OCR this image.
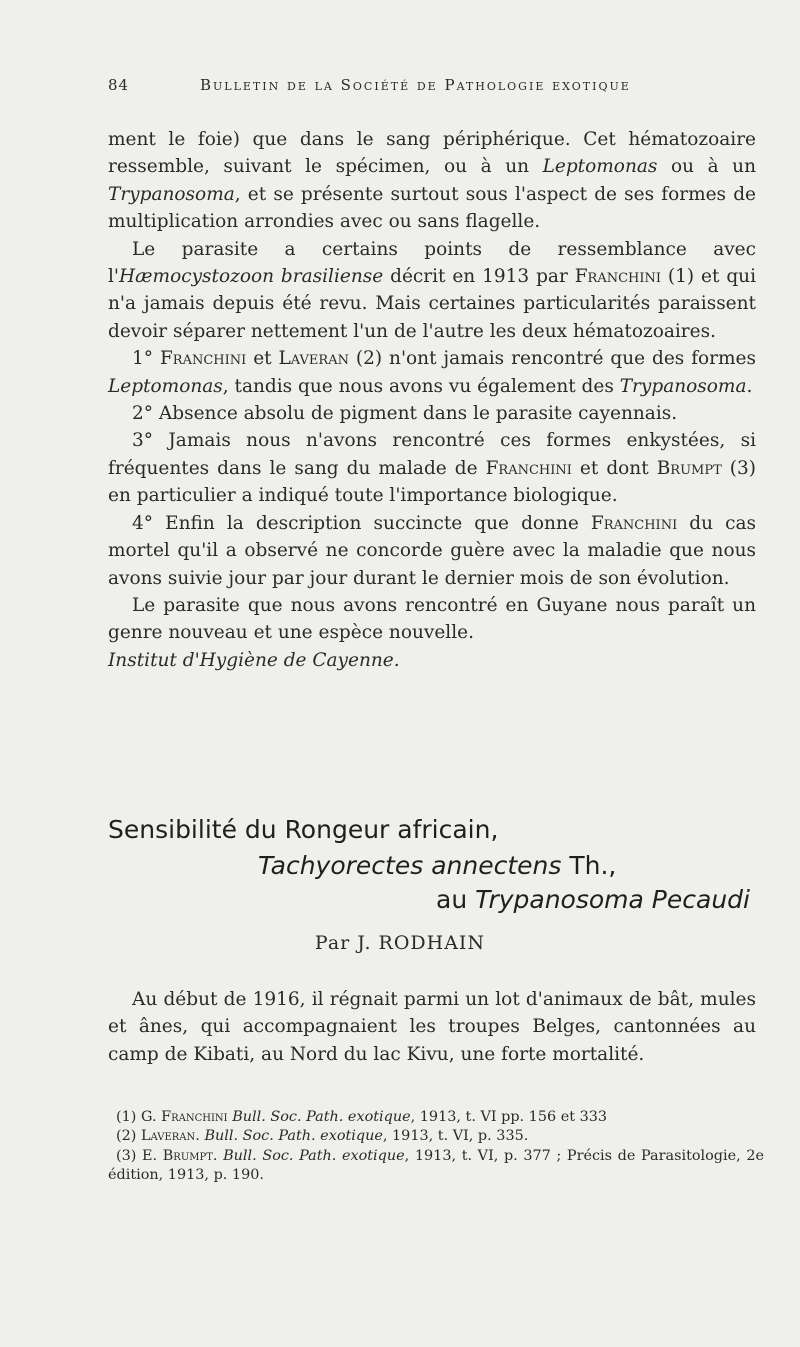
84	Bulletin de la Société de Pathologie exotique

ment le foie) que dans le sang périphérique. Cet hématozoaire ressemble, suivant le spécimen, ou à un Leptomonas ou à un Trypanosoma, et se présente surtout sous l'aspect de ses formes de multiplication arrondies avec ou sans flagelle.

Le parasite a certains points de ressemblance avec l'Hæmocystozoon brasiliense décrit en 1913 par Franchini (1) et qui n'a jamais depuis été revu. Mais certaines particularités paraissent devoir séparer nettement l'un de l'autre les deux hématozoaires.

1° Franchini et Laveran (2) n'ont jamais rencontré que des formes Leptomonas, tandis que nous avons vu également des Trypanosoma.

2° Absence absolu de pigment dans le parasite cayennais.

3° Jamais nous n'avons rencontré ces formes enkystées, si fréquentes dans le sang du malade de Franchini et dont Brumpt (3) en particulier a indiqué toute l'importance biologique.

4° Enfin la description succincte que donne Franchini du cas mortel qu'il a observé ne concorde guère avec la maladie que nous avons suivie jour par jour durant le dernier mois de son évolution.

Le parasite que nous avons rencontré en Guyane nous paraît un genre nouveau et une espèce nouvelle.

Institut d'Hygiène de Cayenne.

Sensibilité du Rongeur africain,
Tachyorectes annectens Th.,
au Trypanosoma Pecaudi
Par J. RODHAIN

Au début de 1916, il régnait parmi un lot d'animaux de bât, mules et ânes, qui accompagnaient les troupes Belges, cantonnées au camp de Kibati, au Nord du lac Kivu, une forte mortalité.

(1) G. Franchini Bull. Soc. Path. exotique, 1913, t. VI pp. 156 et 333

(2) Laveran. Bull. Soc. Path. exotique, 1913, t. VI, p. 335.

(3) E. Brumpt. Bull. Soc. Path. exotique, 1913, t. VI, p. 377 ; Précis de Parasitologie, 2e édition, 1913, p. 190.
